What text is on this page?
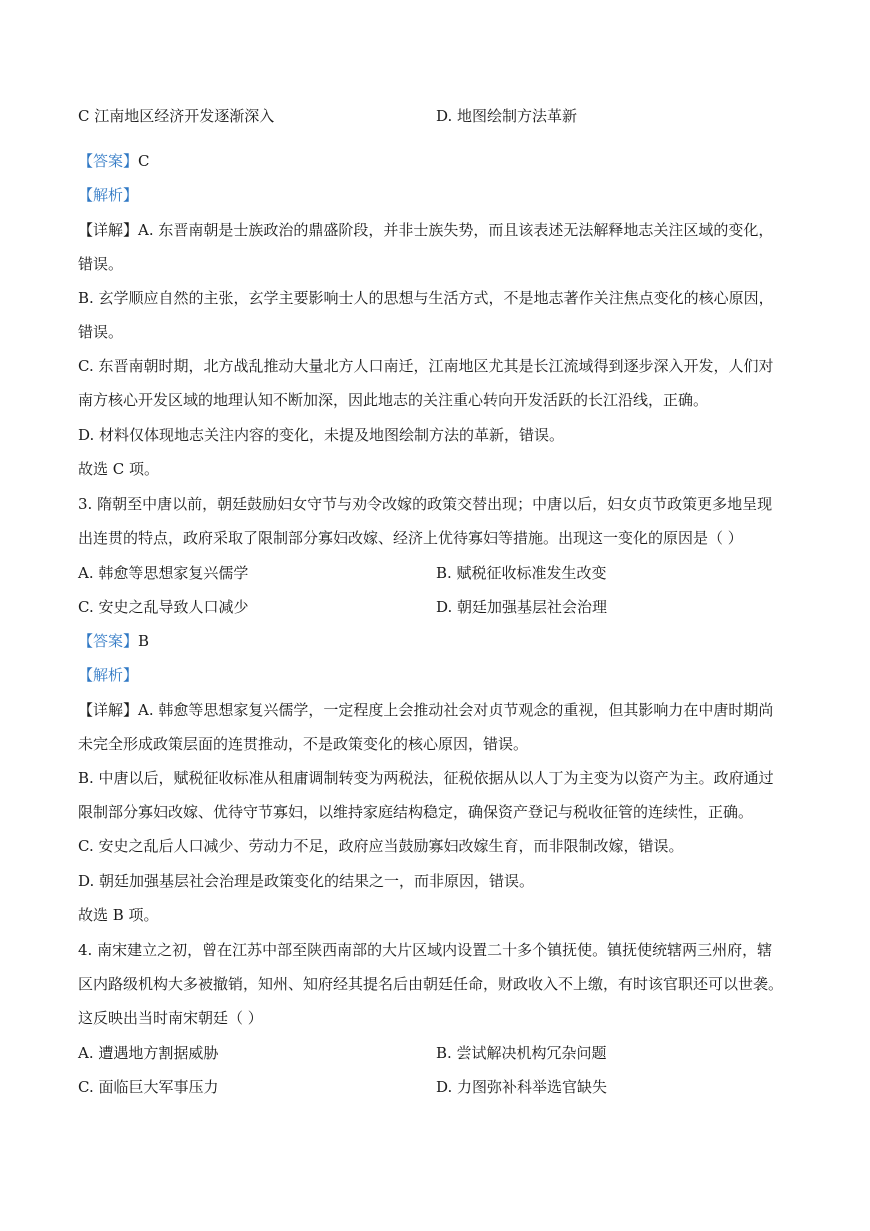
C 江南地区经济开发逐渐深入	D. 地图绘制方法革新
【答案】C
【解析】
【详解】A. 东晋南朝是士族政治的鼎盛阶段，并非士族失势，而且该表述无法解释地志关注区域的变化，
错误。
B. 玄学顺应自然的主张，玄学主要影响士人的思想与生活方式，不是地志著作关注焦点变化的核心原因，
错误。
C. 东晋南朝时期，北方战乱推动大量北方人口南迁，江南地区尤其是长江流域得到逐步深入开发，人们对
南方核心开发区域的地理认知不断加深，因此地志的关注重心转向开发活跃的长江沿线，正确。
D. 材料仅体现地志关注内容的变化，未提及地图绘制方法的革新，错误。
故选 C 项。
3. 隋朝至中唐以前，朝廷鼓励妇女守节与劝令改嫁的政策交替出现；中唐以后，妇女贞节政策更多地呈现
出连贯的特点，政府采取了限制部分寡妇改嫁、经济上优待寡妇等措施。出现这一变化的原因是（ ）
A. 韩愈等思想家复兴儒学	B. 赋税征收标准发生改变
C. 安史之乱导致人口减少	D. 朝廷加强基层社会治理
【答案】B
【解析】
【详解】A. 韩愈等思想家复兴儒学，一定程度上会推动社会对贞节观念的重视，但其影响力在中唐时期尚
未完全形成政策层面的连贯推动，不是政策变化的核心原因，错误。
B. 中唐以后，赋税征收标准从租庸调制转变为两税法，征税依据从以人丁为主变为以资产为主。政府通过
限制部分寡妇改嫁、优待守节寡妇，以维持家庭结构稳定，确保资产登记与税收征管的连续性，正确。
C. 安史之乱后人口减少、劳动力不足，政府应当鼓励寡妇改嫁生育，而非限制改嫁，错误。
D. 朝廷加强基层社会治理是政策变化的结果之一，而非原因，错误。
故选 B 项。
4. 南宋建立之初，曾在江苏中部至陕西南部的大片区域内设置二十多个镇抚使。镇抚使统辖两三州府，辖
区内路级机构大多被撤销，知州、知府经其提名后由朝廷任命，财政收入不上缴，有时该官职还可以世袭。
这反映出当时南宋朝廷（ ）
A. 遭遇地方割据威胁	B. 尝试解决机构冗杂问题
C. 面临巨大军事压力	D. 力图弥补科举选官缺失
